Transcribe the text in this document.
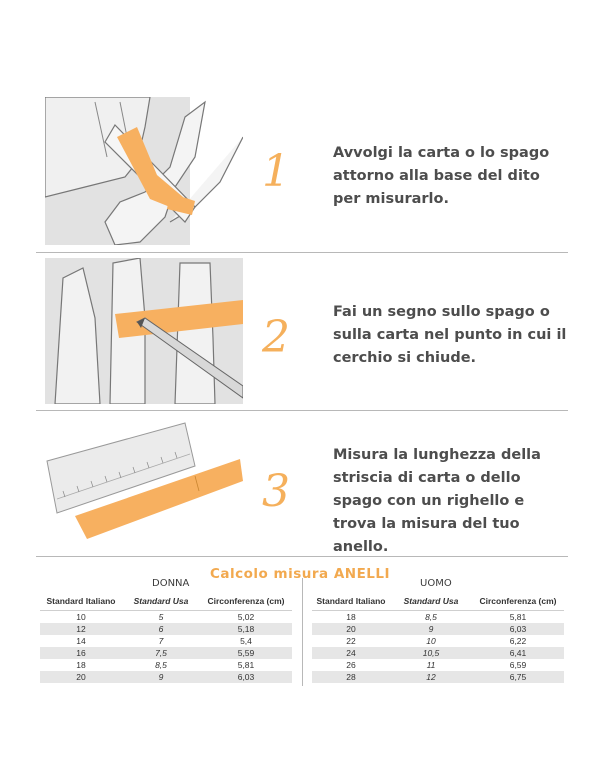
1	Avvolgi la carta o lo spago attorno alla base del dito per misurarlo.
2	Fai un segno sullo spago o sulla carta nel punto in cui il cerchio si chiude.
3
Misura la lunghezza della striscia di carta o dello spago con un righello e trova la misura del tuo anello.
Calcolo misura ANELLI
DONNA
Standard Italiano	Standard Usa	Circonferenza (cm)
10	5	5,02
12	6	5,18
14	7	5,4
16	7,5	5,59
18	8,5	5,81
20	9	6,03
UOMO
Standard Italiano	Standard Usa	Circonferenza (cm)
18	8,5	5,81
20	9	6,03
22	10	6,22
24	10,5	6,41
26	11	6,59
28	12	6,75
